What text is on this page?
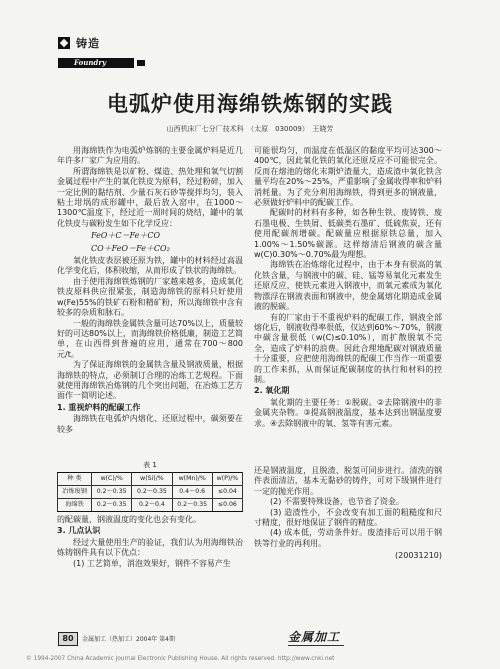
铸造
Foundry
电弧炉使用海绵铁炼钢的实践
山西机床厂七分厂技术科　（太原　030009）　王晓芳

用海绵铁作为电弧炉炼钢的主要金属炉料是近几年许多厂家广为应用的。

所谓海绵铁是以矿粉、煤造、热处理和氧气切割金属过程中产生的氧化铁皮为原料，经过粉碎，加入一定比例的黏结剂、少量石灰石砂等搅拌均匀，装入粘土坩埚的成形罐中，最后放入窑中，在1000～1300℃温度下，经过近一周时间的烧结，罐中的氧化铁皮与碳粉发生如下化学反应：

FeO＋C＝Fe＋CO

CO＋FeO＝Fe＋CO₂

氧化铁皮表层被还原为铁，罐中的材料经过高温化学变化后，体积收缩，从而形成了铁状的海绵铁。

由于使用海绵铁炼钢的厂家越来越多，造成氧化铁皮原料供应很紧张，制造海绵铁的原料只好使用w(Fe)55%的铁矿石粉和精矿粉，所以海绵铁中含有较多的杂质和脉石。

一般的海绵铁金属铁含量可达70%以上，质量较好的可达80%以上，而海绵铁价格低廉，制造工艺简单，在山西得到普遍的应用，通常在700～800元/t。

为了保证海绵铁的金属铁含量及钢液质量，根据海绵铁的特点，必须制订合理的冶炼工艺规程。下面就使用海绵铁冶炼钢的几个突出问题，在冶炼工艺方面作一简明论述。

1. 重视炉料的配碳工作

海绵铁在电弧炉内熔化、还原过程中，碳须要在较多

可能很均匀，而温度在低温区的黏度平均可达300～400℃，因此氧化铁的氧化还原反应不可能很完全。反而在熔池的熔化末期炉渣量大，造成渣中氧化铁含量平均在20%～25%，严重影响了金属收得率和炉料消耗量。为了充分利用海绵铁，得到更多的钢液量，必须做好炉料中的配碳工作。

配碳时的材料有多种，如各种生铁、废铸铁、废石墨电极、生铁屑、低碳类石墨矿、低硫焦炭，还有使用配碳剂增碳。配碳量应根据原铁总量，加入1.00%～1.50%碳源。这样熔清后钢液的碳含量w(C)0.30%～0.70%最为理想。

海绵铁在冶炼熔化过程中，由于本身有很高的氧化铁含量，与钢液中的碳、硅、锰等易氧化元素发生还原反应，使铁元素进入钢液中，而氧元素成为氧化物漂浮在钢液表面和钢液中，使金属熔化期造成金属液的脱碳。

有的厂家由于不重视炉料的配碳工作，钢液全部熔化后，钢液收得率很低，仅达到60%～70%，钢液中碳含量很低（w(C)≤0.10%），而扩散脱氧不完全，造成了炉料的浪费。因此合理地配碳对钢液质量十分重要，应把使用海绵铁的配碳工作当作一项重要的工作来抓，从而保证配碳制度的执行和材料的控制。

2. 氧化期

氧化期的主要任务：①脱碳。②去除钢液中的非金属夹杂物。③提高钢液温度，基本达到出钢温度要求。④去除钢液中的氧、氢等有害元素。

表 1
种 类	w(C)/%	w(Si)/%	w(Mn)/%	w(P)/%
冶炼废钢	0.2～0.35	0.2～0.35	0.4～0.6	≤0.04
海绵铁	0.2～0.35	0.2～0.4	0.2～0.35	≤0.06

的配碳量，钢液温度的变化也会有变化。

3. 几点认识

经过大量使用生产的验证，我们认为用海绵铁冶炼铸钢件具有以下优点：

(1) 工艺简单，消泡效果好，钢件不容易产生

还是钢液温度，且脱渣、脱氢可同步进行。清洗的钢件表面清洁，基本无黏砂的铸件，可对下级钢件进行一定的抛光作用。

(2) 不需要特殊设备，也节省了资金。

(3) 造渣性小，不会改变有加工面的粗糙度和尺寸精度，很好地保证了钢件的精度。

(4) 成本低，劳动条件好。废渣排后可以用于钢铁等行业的再利用。

(20031210)

80	金属加工（热加工）2004年 第4期	金属加工
© 1994-2007 China Academic Journal Electronic Publishing House. All rights reserved. http://www.cnki.net
